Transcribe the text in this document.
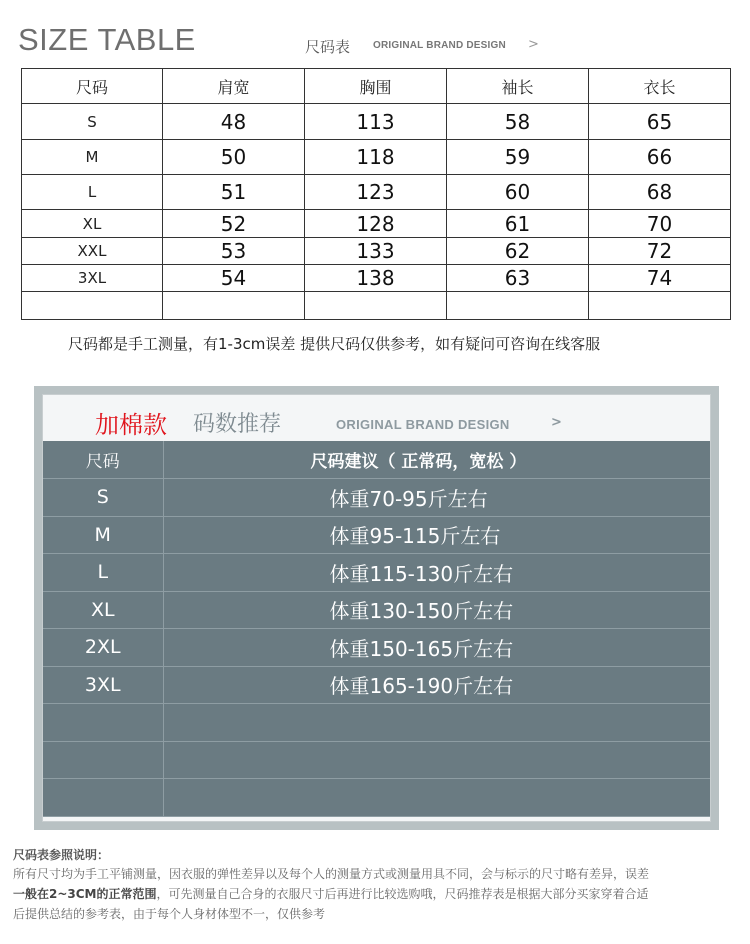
SIZE TABLE	尺码表 ORIGINAL BRAND DESIGN >
尺码	肩宽	胸围	袖长	衣长
S	48	113	58	65
M	50	118	59	66
L	51	123	60	68
XL	52	128	61	70
XXL	53	133	62	72
3XL	54	138	63	74

尺码都是手工测量，有1-3cm误差 提供尺码仅供参考，如有疑问可咨询在线客服
加棉款 码数推荐	ORIGINAL BRAND DESIGN	>
尺码	尺码建议（ 正常码，宽松 ）
S	体重70-95斤左右
M	体重95-115斤左右
L	体重115-130斤左右
XL	体重130-150斤左右
2XL	体重150-165斤左右
3XL	体重165-190斤左右

尺码表参照说明：
所有尺寸均为手工平铺测量，因衣服的弹性差异以及每个人的测量方式或测量用具不同，会与标示的尺寸略有差异，误差
一般在2~3CM的正常范围，可先测量自己合身的衣服尺寸后再进行比较选购哦，尺码推荐表是根据大部分买家穿着合适
后提供总结的参考表，由于每个人身材体型不一，仅供参考
